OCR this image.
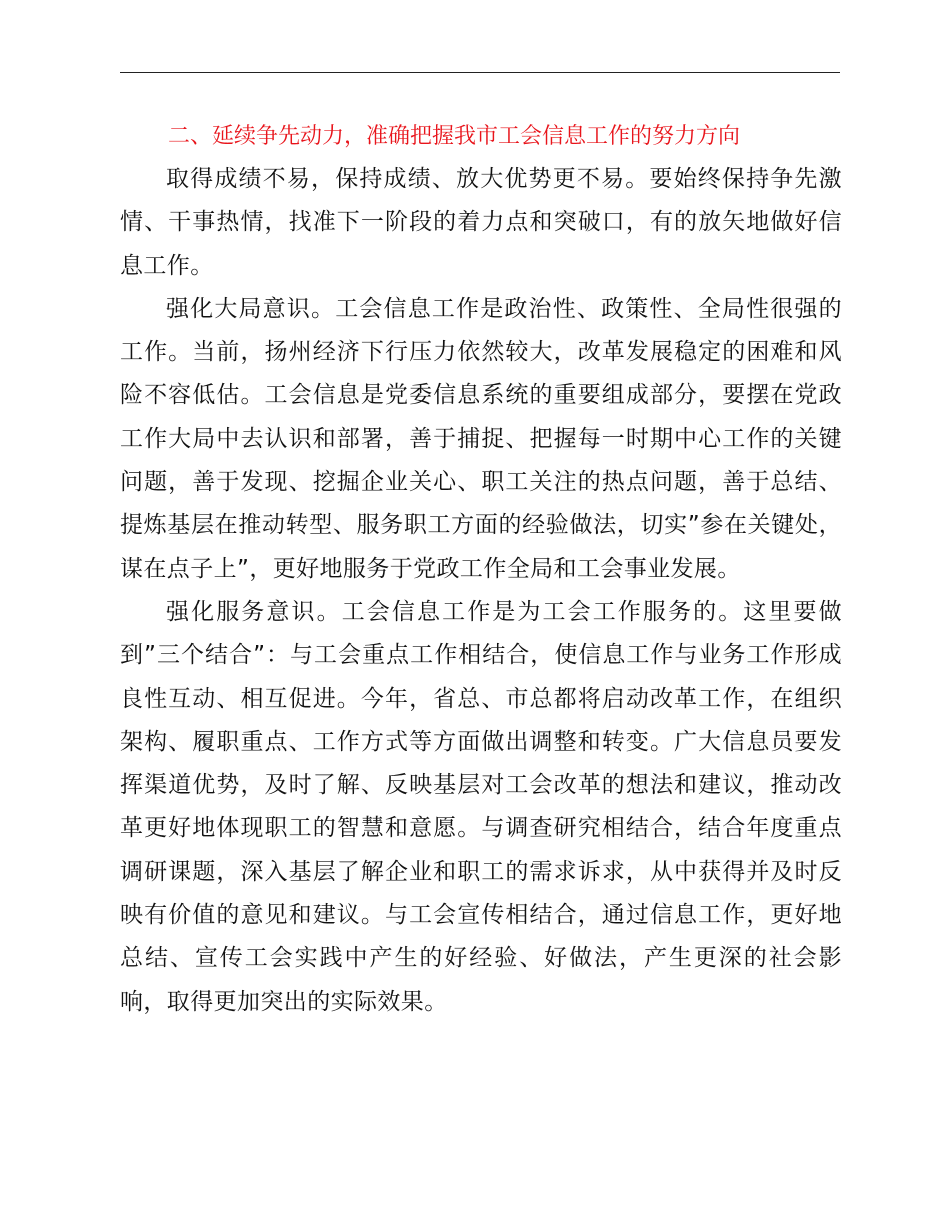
二、延续争先动力，准确把握我市工会信息工作的努力方向

取得成绩不易，保持成绩、放大优势更不易。要始终保持争先激情、干事热情，找准下一阶段的着力点和突破口，有的放矢地做好信息工作。

强化大局意识。工会信息工作是政治性、政策性、全局性很强的工作。当前，扬州经济下行压力依然较大，改革发展稳定的困难和风险不容低估。工会信息是党委信息系统的重要组成部分，要摆在党政工作大局中去认识和部署，善于捕捉、把握每一时期中心工作的关键问题，善于发现、挖掘企业关心、职工关注的热点问题，善于总结、提炼基层在推动转型、服务职工方面的经验做法，切实”参在关键处，谋在点子上”，更好地服务于党政工作全局和工会事业发展。

强化服务意识。工会信息工作是为工会工作服务的。这里要做到”三个结合”：与工会重点工作相结合，使信息工作与业务工作形成良性互动、相互促进。今年，省总、市总都将启动改革工作，在组织架构、履职重点、工作方式等方面做出调整和转变。广大信息员要发挥渠道优势，及时了解、反映基层对工会改革的想法和建议，推动改革更好地体现职工的智慧和意愿。与调查研究相结合，结合年度重点调研课题，深入基层了解企业和职工的需求诉求，从中获得并及时反映有价值的意见和建议。与工会宣传相结合，通过信息工作，更好地总结、宣传工会实践中产生的好经验、好做法，产生更深的社会影响，取得更加突出的实际效果。
